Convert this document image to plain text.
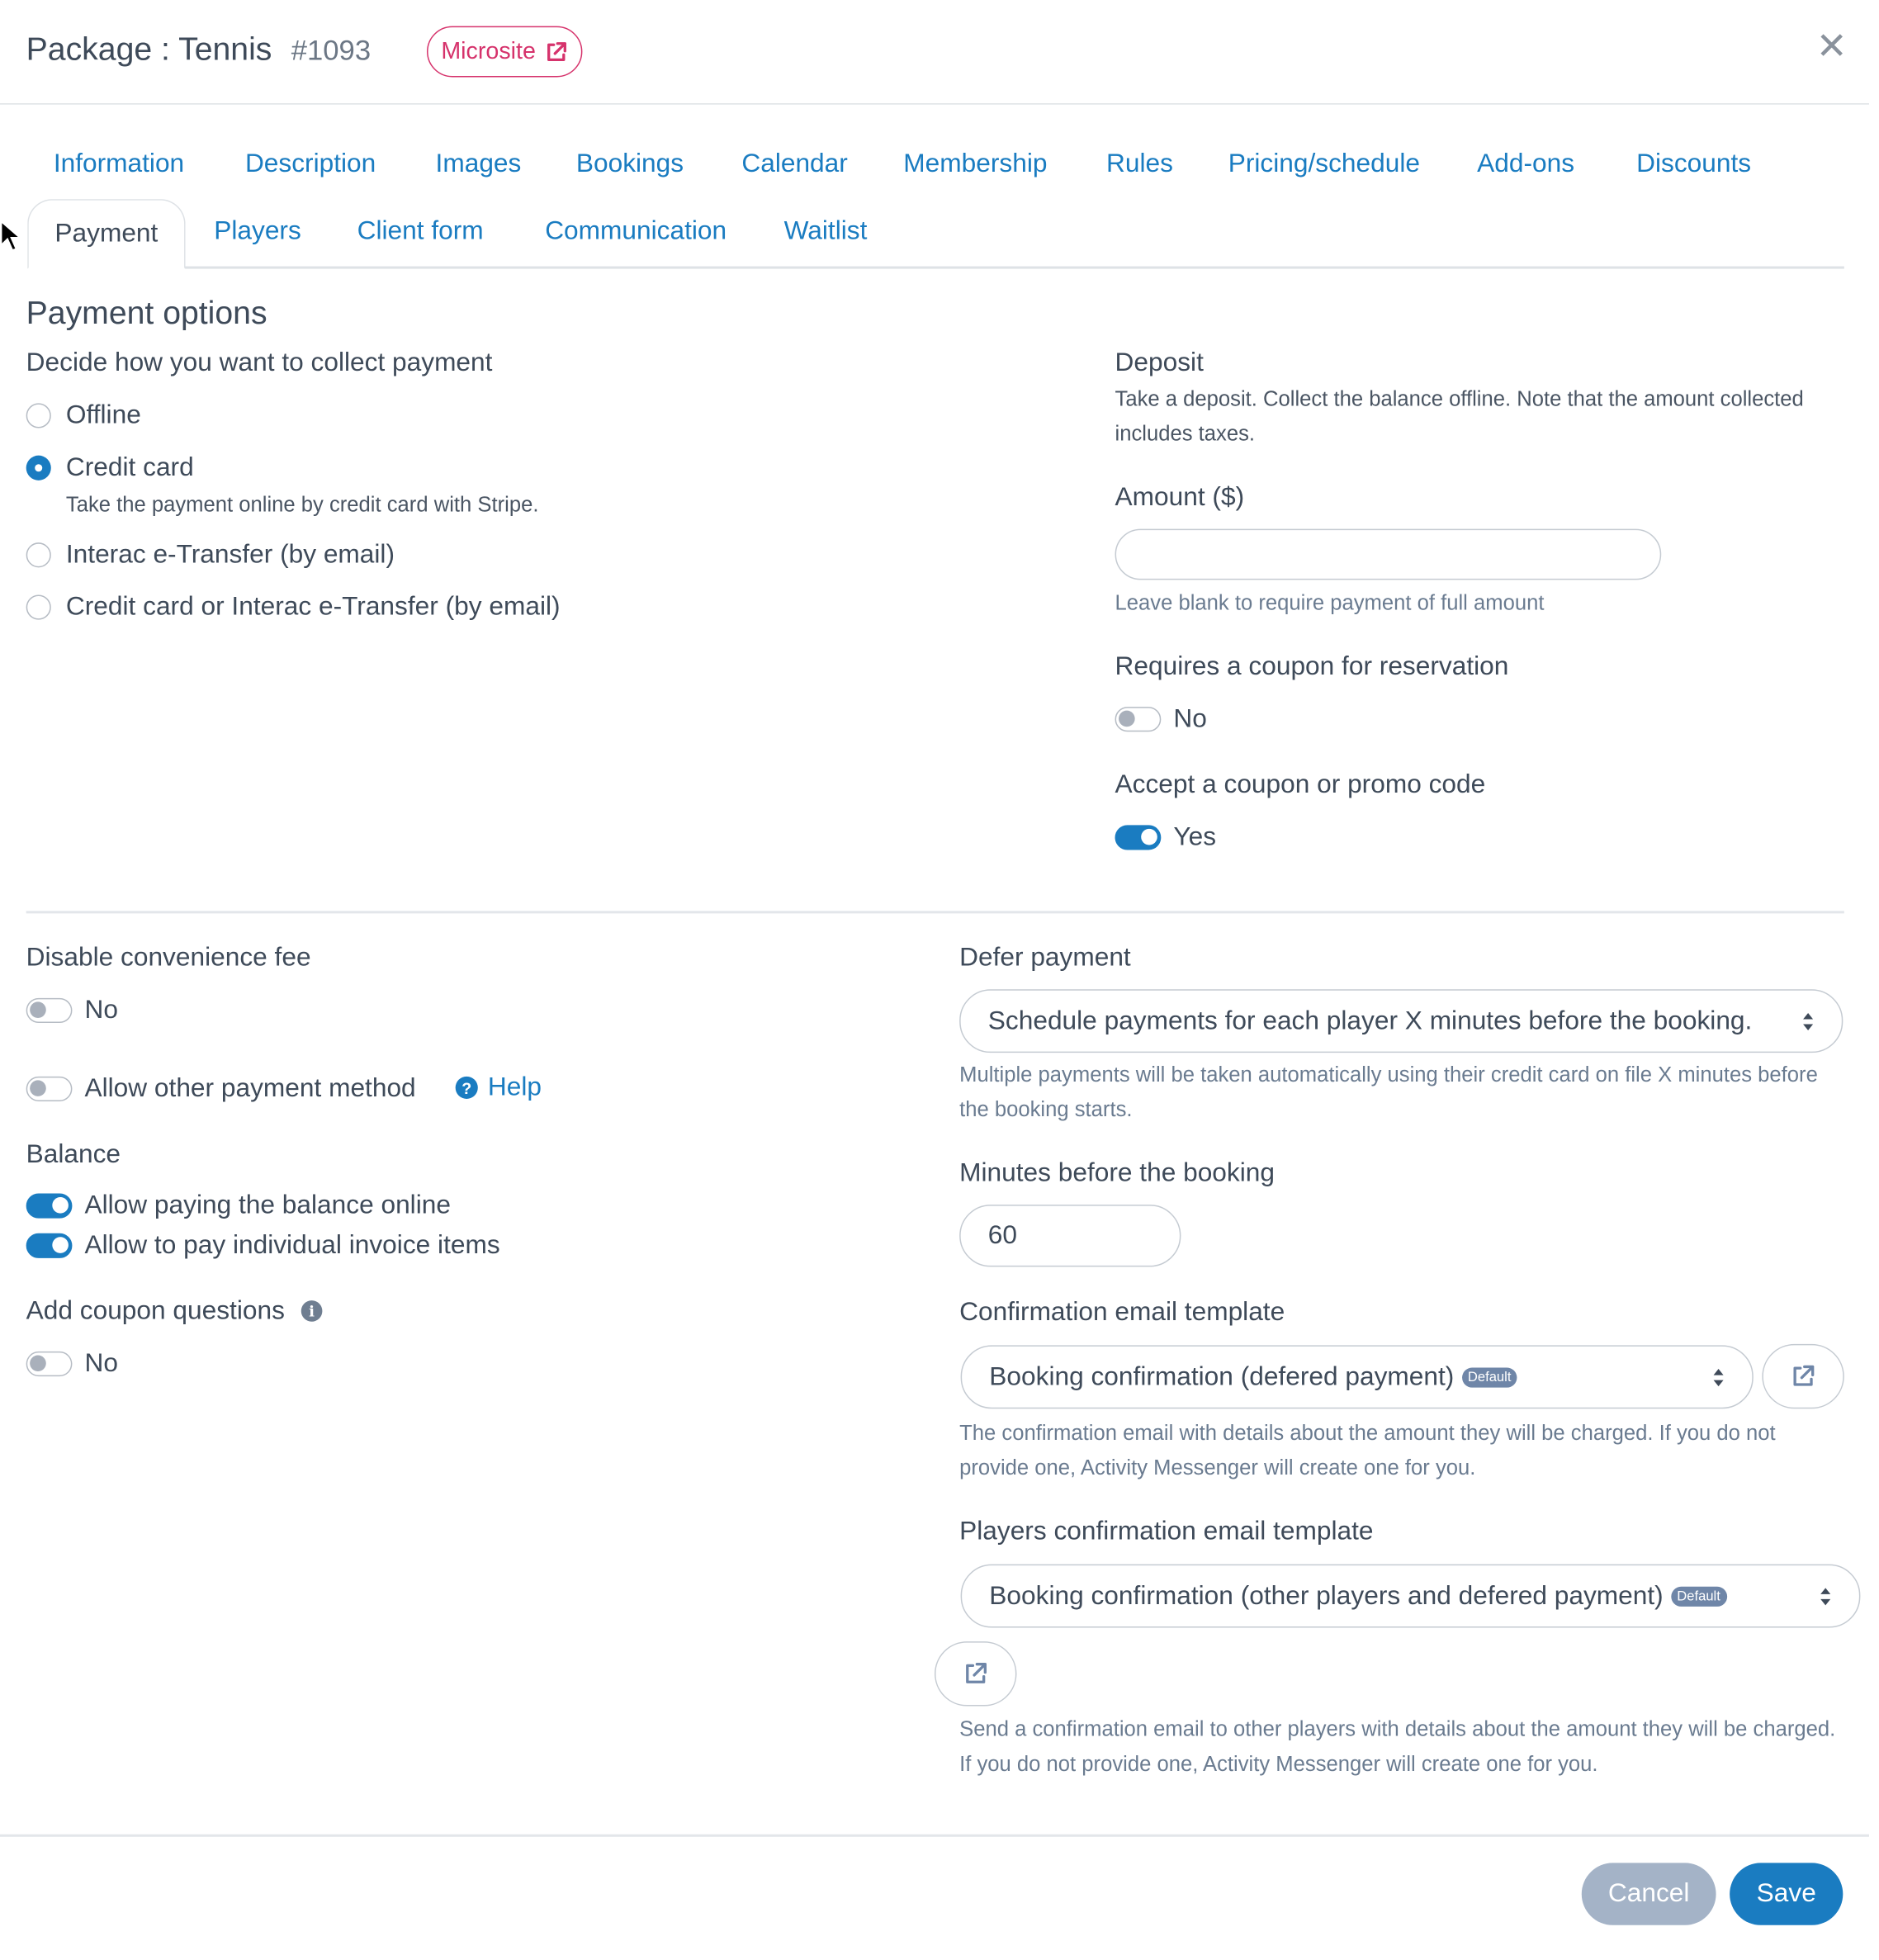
Package : Tennis #1093	Microsite	✕
Information	Description	Images	Bookings	Calendar	Membership	Rules	Pricing/schedule	Add-ons	Discounts
Payment	Players	Client form	Communication	Waitlist
Payment options
Decide how you want to collect payment
Offline
Credit card
Take the payment online by credit card with Stripe.
Interac e-Transfer (by email)
Credit card or Interac e-Transfer (by email)
Deposit
Take a deposit. Collect the balance offline. Note that the amount collected includes taxes.
Amount ($)
Leave blank to require payment of full amount
Requires a coupon for reservation
No
Accept a coupon or promo code
Yes
Disable convenience fee
No
Allow other payment method	? Help
Balance
Allow paying the balance online
Allow to pay individual invoice items
Add coupon questions	i
No
Defer payment
Schedule payments for each player X minutes before the booking.
Multiple payments will be taken automatically using their credit card on file X minutes before the booking starts.
Minutes before the booking
60
Confirmation email template
Booking confirmation (defered payment)	Default
The confirmation email with details about the amount they will be charged. If you do not provide one, Activity Messenger will create one for you.
Players confirmation email template
Booking confirmation (other players and defered payment)	Default
Send a confirmation email to other players with details about the amount they will be charged. If you do not provide one, Activity Messenger will create one for you.
Cancel	Save
